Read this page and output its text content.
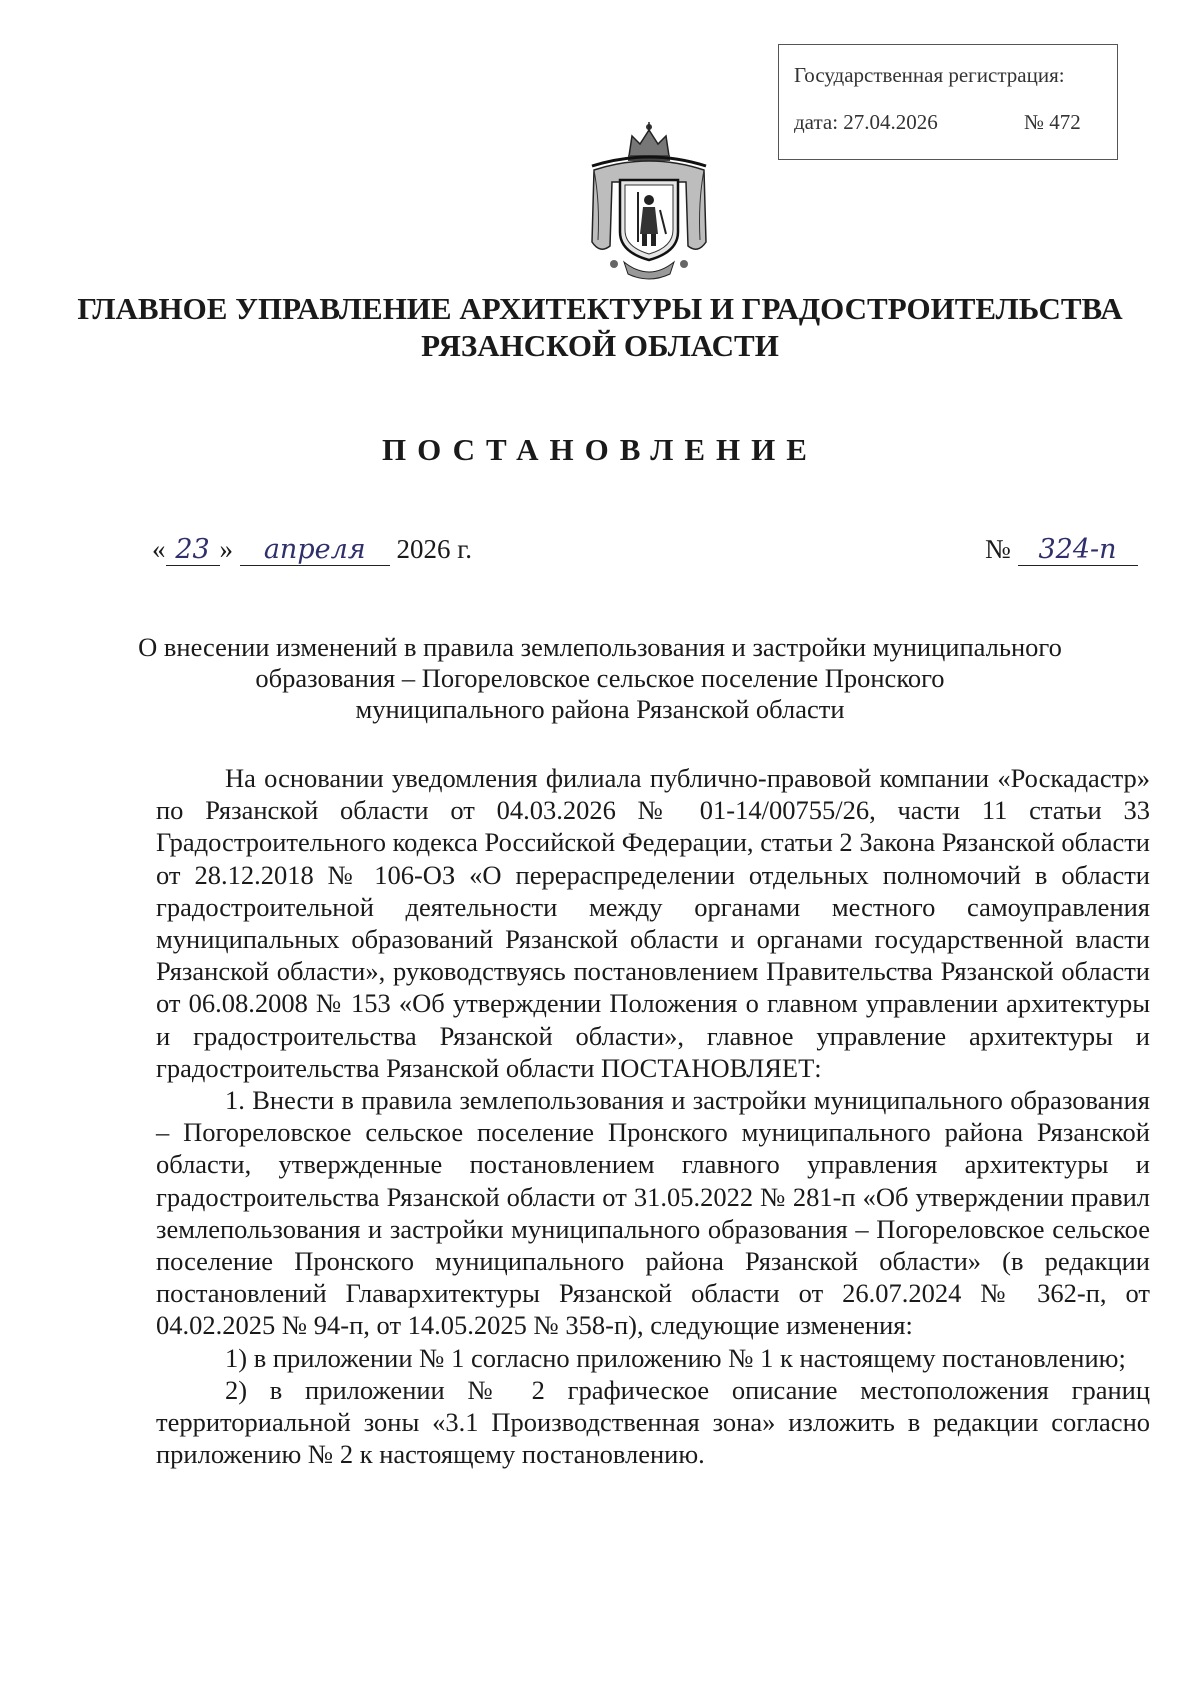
Государственная регистрация:
дата: 27.04.2026	№ 472
ГЛАВНОЕ УПРАВЛЕНИЕ АРХИТЕКТУРЫ И ГРАДОСТРОИТЕЛЬСТВА
РЯЗАНСКОЙ ОБЛАСТИ
ПОСТАНОВЛЕНИЕ
« 23 » апреля 2026 г.	№ 324-п
О внесении изменений в правила землепользования и застройки муниципального
образования – Погореловское сельское поселение Пронского
муниципального района Рязанской области

На основании уведомления филиала публично-правовой компании «Роскадастр» по Рязанской области от 04.03.2026 № 01-14/00755/26, части 11 статьи 33 Градостроительного кодекса Российской Федерации, статьи 2 Закона Рязанской области от 28.12.2018 № 106-ОЗ «О перераспределении отдельных полномочий в области градостроительной деятельности между органами местного самоуправления муниципальных образований Рязанской области и органами государственной власти Рязанской области», руководствуясь постановлением Правительства Рязанской области от 06.08.2008 № 153 «Об утверждении Положения о главном управлении архитектуры и градостроительства Рязанской области», главное управление архитектуры и градостроительства Рязанской области ПОСТАНОВЛЯЕТ:

1. Внести в правила землепользования и застройки муниципального образования – Погореловское сельское поселение Пронского муниципального района Рязанской области, утвержденные постановлением главного управления архитектуры и градостроительства Рязанской области от 31.05.2022 № 281-п «Об утверждении правил землепользования и застройки муниципального образования – Погореловское сельское поселение Пронского муниципального района Рязанской области» (в редакции постановлений Главархитектуры Рязанской области от 26.07.2024 № 362-п, от 04.02.2025 № 94-п, от 14.05.2025 № 358-п), следующие изменения:

1) в приложении № 1 согласно приложению № 1 к настоящему постановлению;

2) в приложении № 2 графическое описание местоположения границ территориальной зоны «3.1 Производственная зона» изложить в редакции согласно приложению № 2 к настоящему постановлению.
